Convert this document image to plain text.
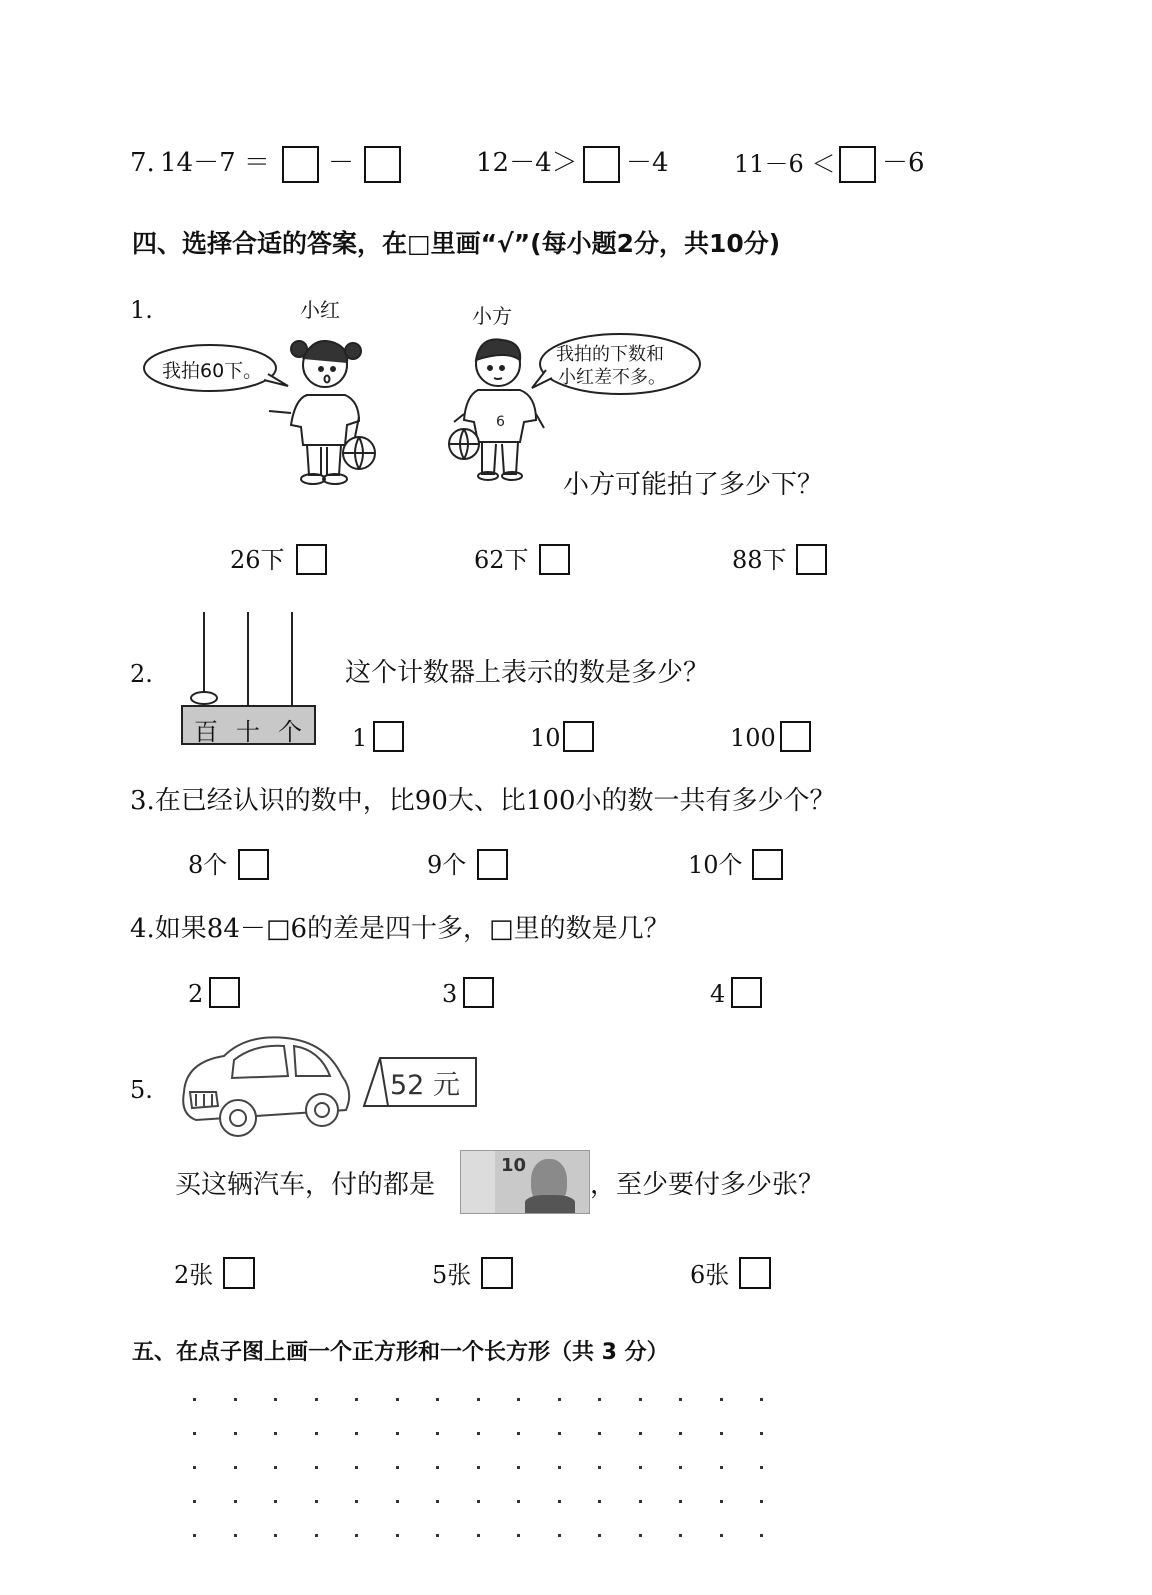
7. 14－7 ＝ －	12－4＞ －4	11－6 ＜ －6
四、选择合适的答案，在□里画“√”(每小题2分，共10分)
1.	小红	小方
我拍60下。
6
我拍的下数和
小红差不多。
小方可能拍了多少下？
26下	62下	88下
2.
百 十 个
这个计数器上表示的数是多少？
1	10	100
3.在已经认识的数中，比90大、比100小的数一共有多少个？
8个	9个	10个
4.如果84－□6的差是四十多，□里的数是几？
2	3	4
5.	52 元
买这辆汽车，付的都是
10
，至少要付多少张？
2张	5张	6张
五、在点子图上画一个正方形和一个长方形（共 3 分）
